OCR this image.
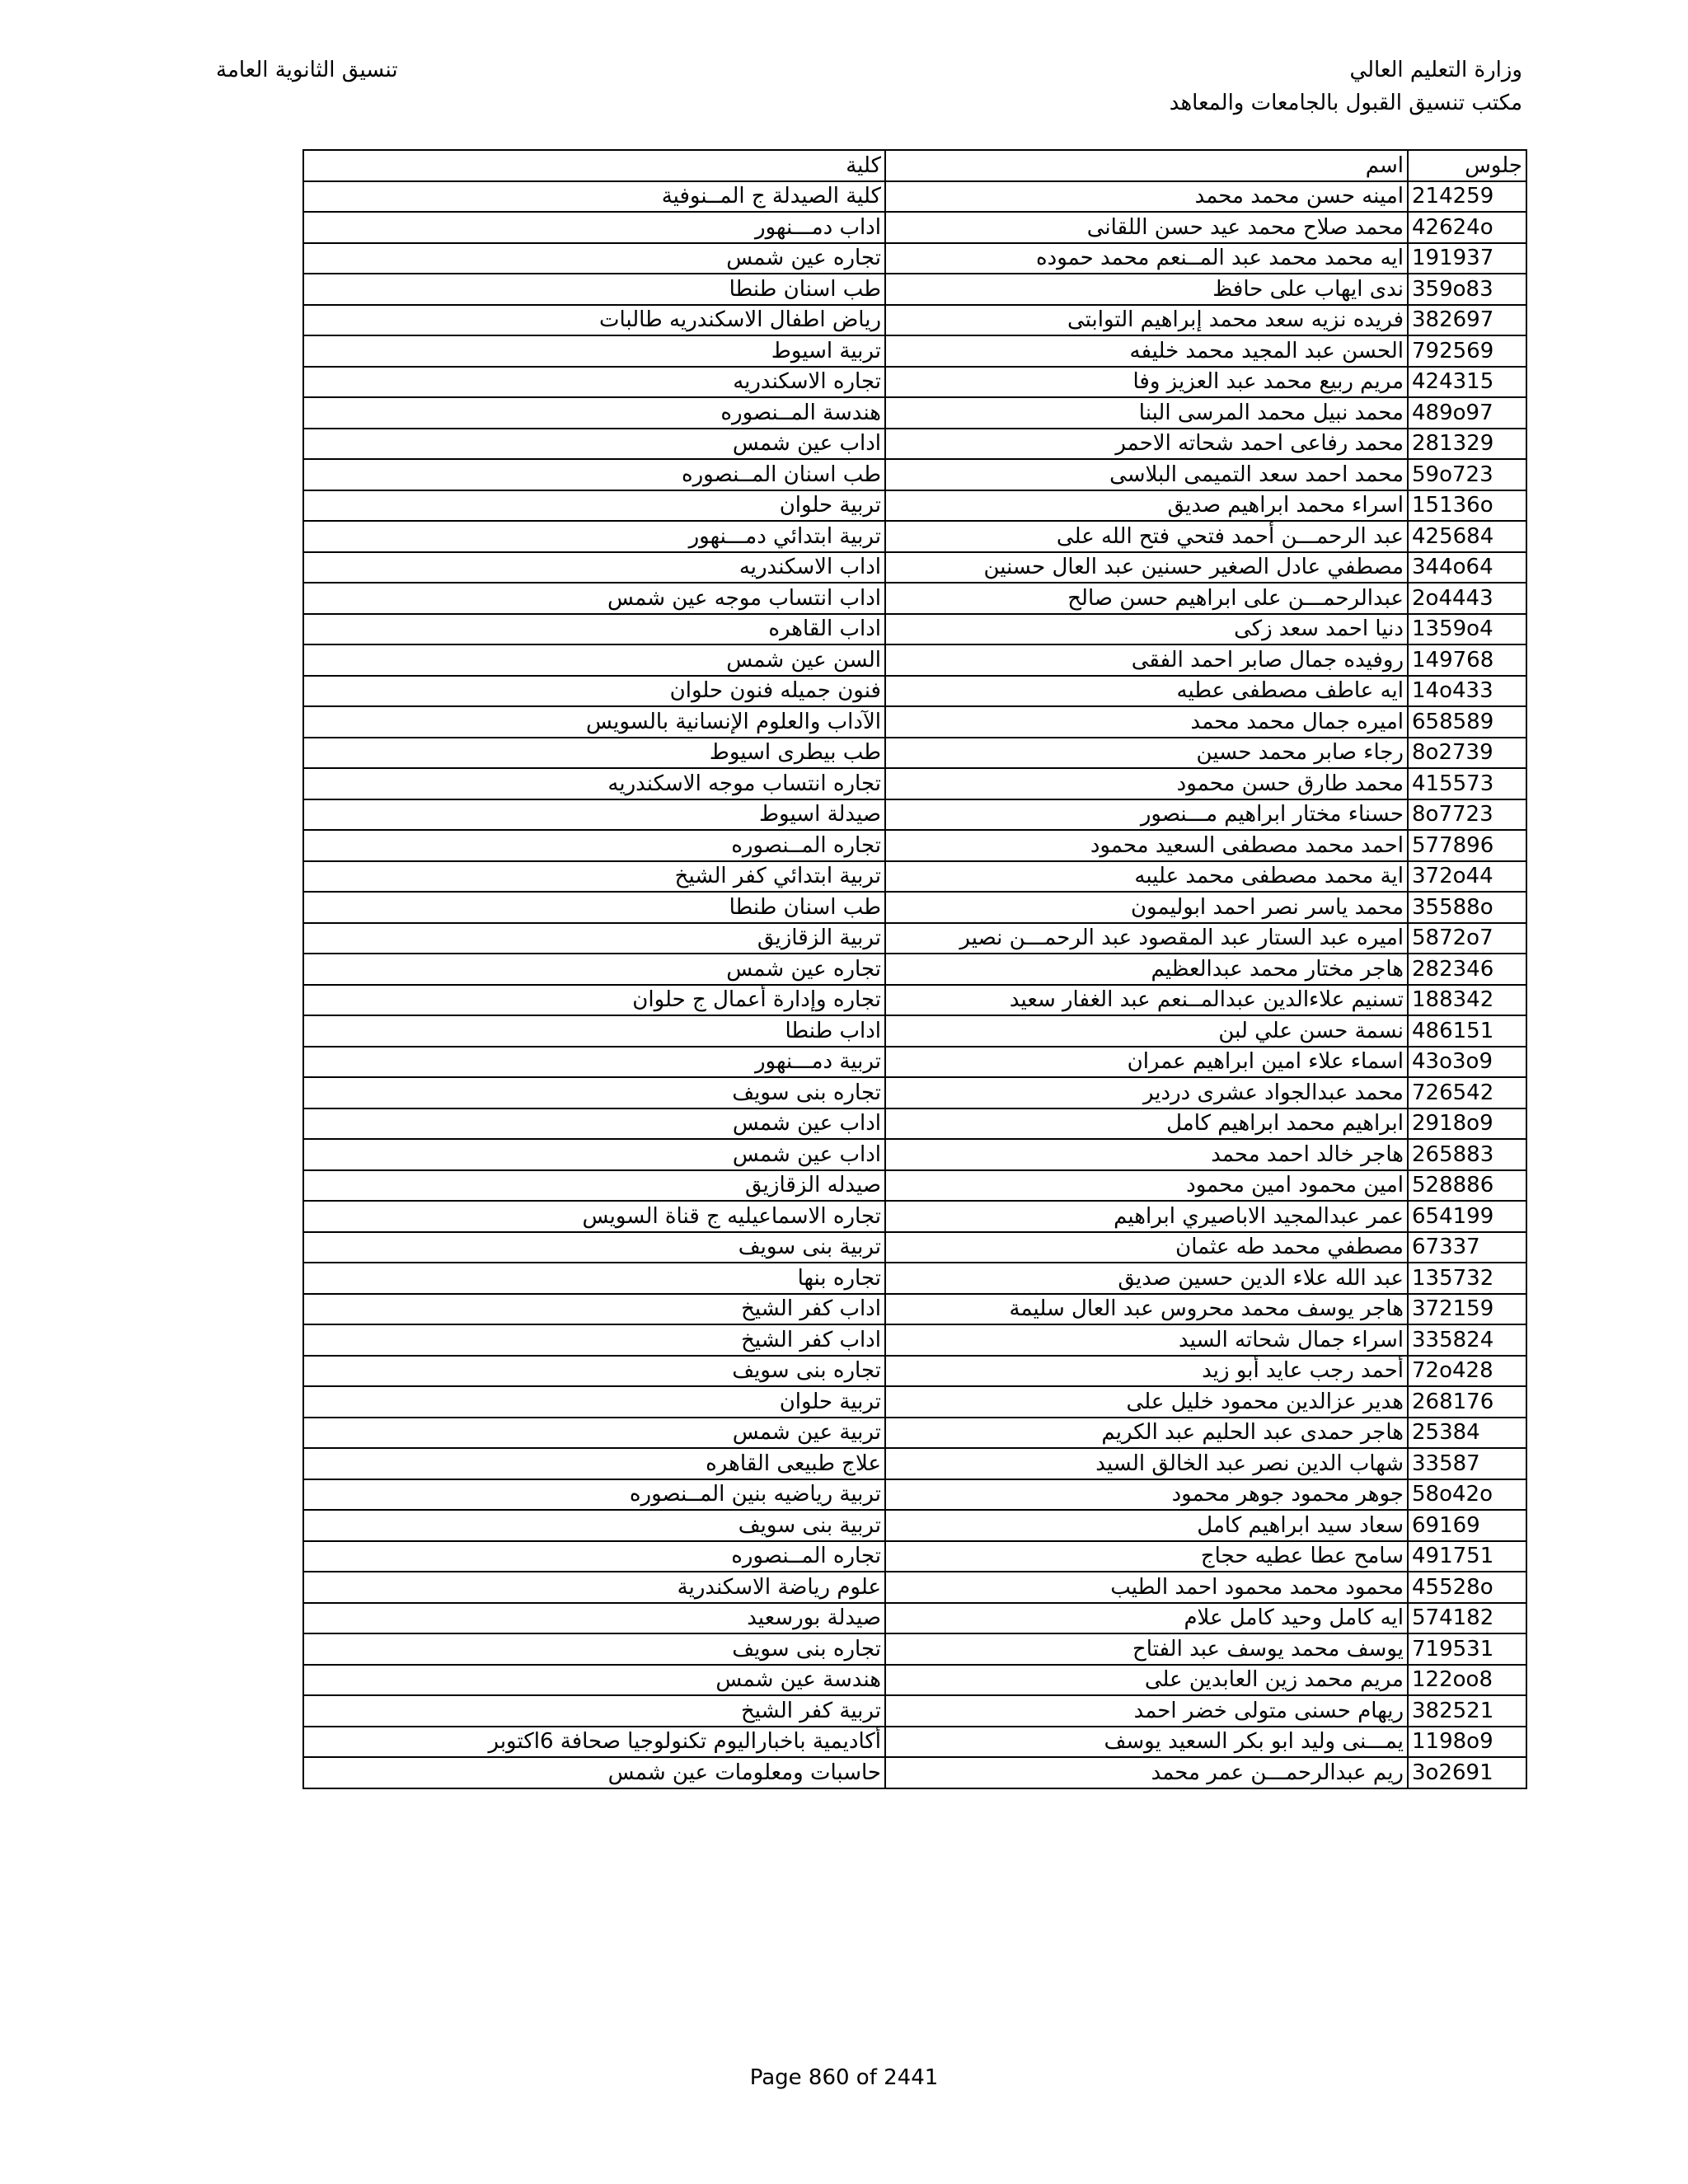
وزارة التعليم العالي
مكتب تنسيق القبول بالجامعات والمعاهد
تنسيق الثانوية العامة
جلوس	اسم	كلية
214259	امينه حسن محمد محمد	كلية الصيدلة ج المــنوفية
42624o	محمد صلاح محمد عيد حسن اللقانى	اداب دمـــنهور
191937	ايه محمد محمد عبد المــنعم محمد حموده	تجاره عين شمس
359o83	ندى ايهاب على حافظ	طب اسنان طنطا
382697	فريده نزيه سعد محمد إبراهيم التوابتى	رياض اطفال الاسكندريه طالبات
792569	الحسن عبد المجيد محمد خليفه	تربية اسيوط
424315	مريم ربيع محمد عبد العزيز وفا	تجاره الاسكندريه
489o97	محمد نبيل محمد المرسى البنا	هندسة المــنصوره
281329	محمد رفاعى احمد شحاته الاحمر	اداب عين شمس
59o723	محمد احمد سعد التميمى البلاسى	طب اسنان المــنصوره
15136o	اسراء محمد ابراهيم صديق	تربية حلوان
425684	عبد الرحمـــن أحمد فتحي فتح الله على	تربية ابتدائي دمـــنهور
344o64	مصطفي عادل الصغير حسنين عبد العال حسنين	اداب الاسكندريه
2o4443	عبدالرحمـــن على ابراهيم حسن صالح	اداب انتساب موجه عين شمس
1359o4	دنيا احمد سعد زكى	اداب القاهره
149768	روفيده جمال صابر احمد الفقى	السن عين شمس
14o433	ايه عاطف مصطفى عطيه	فنون جميله فنون حلوان
658589	اميره جمال محمد محمد	الآداب والعلوم الإنسانية بالسويس
8o2739	رجاء صابر محمد حسين	طب بيطرى اسيوط
415573	محمد طارق حسن محمود	تجاره انتساب موجه الاسكندريه
8o7723	حسناء مختار ابراهيم مـــنصور	صيدلة اسيوط
577896	احمد محمد مصطفى السعيد محمود	تجاره المــنصوره
372o44	اية محمد مصطفى محمد عليبه	تربية ابتدائي كفر الشيخ
35588o	محمد ياسر نصر احمد ابوليمون	طب اسنان طنطا
5872o7	اميره عبد الستار عبد المقصود عبد الرحمـــن نصير	تربية الزقازيق
282346	هاجر مختار محمد عبدالعظيم	تجاره عين شمس
188342	تسنيم علاءالدين عبدالمــنعم عبد الغفار سعيد	تجاره وإدارة أعمال ج حلوان
486151	نسمة حسن علي لبن	اداب طنطا
43o3o9	اسماء علاء امين ابراهيم عمران	تربية دمـــنهور
726542	محمد عبدالجواد عشرى دردير	تجاره بنى سويف
2918o9	ابراهيم محمد ابراهيم كامل	اداب عين شمس
265883	هاجر خالد احمد محمد	اداب عين شمس
528886	امين محمود امين محمود	صيدله الزقازيق
654199	عمر عبدالمجيد الاباصيري ابراهيم	تجاره الاسماعيليه ج قناة السويس
67337	مصطفي محمد طه عثمان	تربية بنى سويف
135732	عبد الله علاء الدين حسين صديق	تجاره بنها
372159	هاجر يوسف محمد محروس عبد العال سليمة	اداب كفر الشيخ
335824	اسراء جمال شحاته السيد	اداب كفر الشيخ
72o428	أحمد رجب عايد أبو زيد	تجاره بنى سويف
268176	هدير عزالدين محمود خليل على	تربية حلوان
25384	هاجر حمدى عبد الحليم عبد الكريم	تربية عين شمس
33587	شهاب الدين نصر عبد الخالق السيد	علاج طبيعى القاهره
58o42o	جوهر محمود جوهر محمود	تربية رياضيه بنين المــنصوره
69169	سعاد سيد ابراهيم كامل	تربية بنى سويف
491751	سامح عطا عطيه حجاج	تجاره المــنصوره
45528o	محمود محمد محمود احمد الطيب	علوم رياضة الاسكندرية
574182	ايه كامل وحيد كامل علام	صيدلة بورسعيد
719531	يوسف محمد يوسف عبد الفتاح	تجاره بنى سويف
122oo8	مريم محمد زين العابدين على	هندسة عين شمس
382521	ريهام حسنى متولى خضر احمد	تربية كفر الشيخ
1198o9	يمـــنى وليد ابو بكر السعيد يوسف	أكاديمية باخباراليوم تكنولوجيا صحافة 6اكتوبر
3o2691	ريم عبدالرحمـــن عمر محمد	حاسبات ومعلومات عين شمس
Page 860 of 2441
